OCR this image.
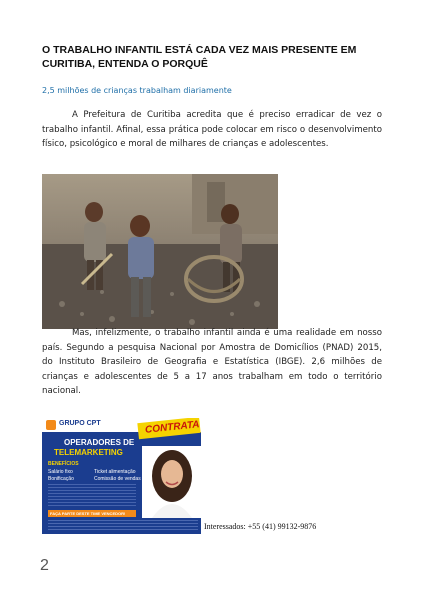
O TRABALHO INFANTIL ESTÁ CADA VEZ MAIS PRESENTE EM CURITIBA, ENTENDA O PORQUÊ
2,5 milhões de crianças trabalham diariamente
A Prefeitura de Curitiba acredita que é preciso erradicar de vez o trabalho infantil. Afinal, essa prática pode colocar em risco o desenvolvimento físico, psicológico e moral de milhares de crianças e adolescentes.
Mas, infelizmente, o trabalho infantil ainda é uma realidade em nosso país. Segundo a pesquisa Nacional por Amostra de Domicílios (PNAD) 2015, do Instituto Brasileiro de Geografia e Estatística (IBGE). 2,6 milhões de crianças e adolescentes de 5 a 17 anos trabalham em todo o território nacional.
GRUPO CPT	CONTRATA
OPERADORES DE
TELEMARKETING
BENEFÍCIOS
Salário fixo
Bonificação
Ticket alimentação
Comissão de vendas
FAÇA PARTE DESTE TIME VENCEDOR!
Interessados: +55 (41) 99132-9876
2
